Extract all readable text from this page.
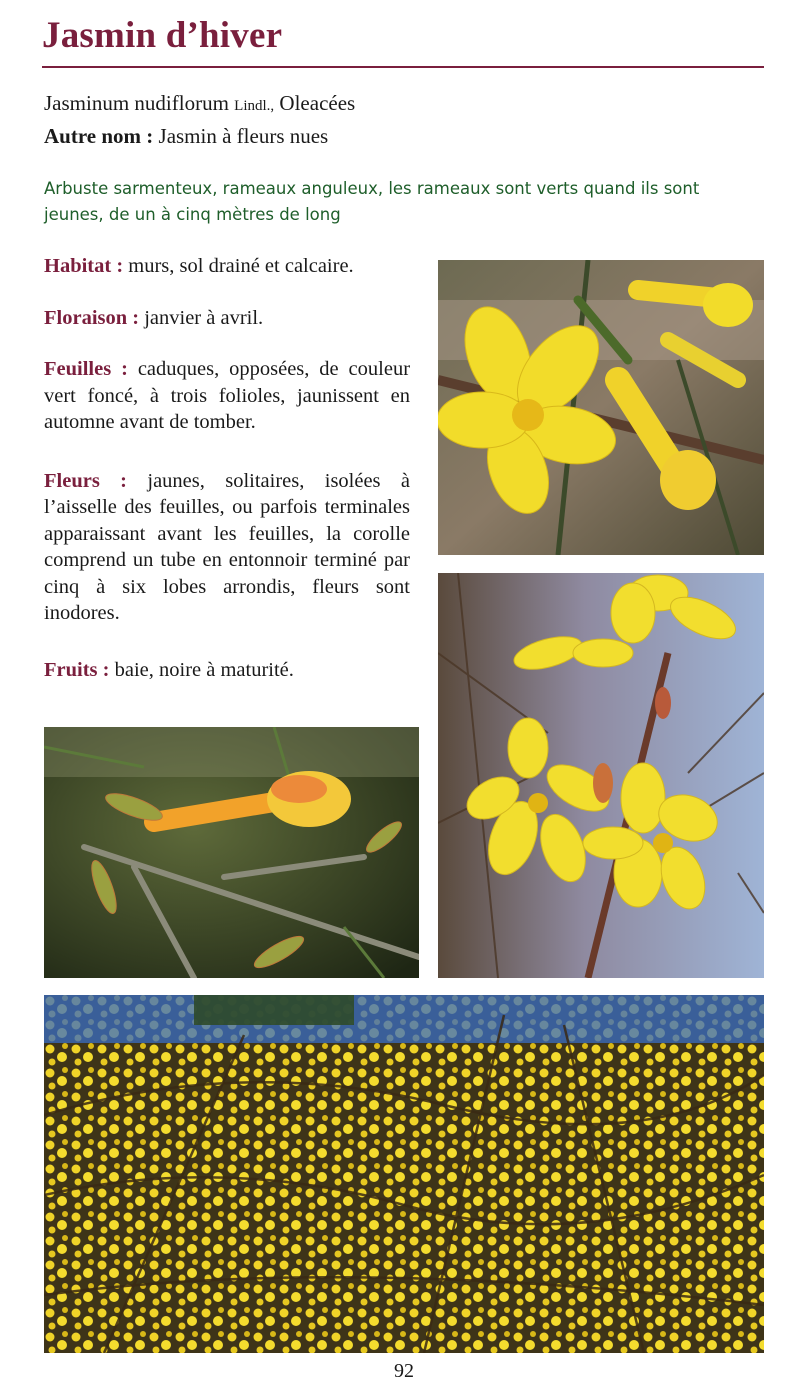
Jasmin d’hiver
Jasminum nudiflorum Lindl., Oleacées
Autre nom : Jasmin à fleurs nues
Arbuste sarmenteux, rameaux anguleux, les rameaux sont verts quand ils sont jeunes, de un à cinq mètres de long

Habitat : murs, sol drainé et calcaire.

Floraison : janvier à avril.

Feuilles : caduques, opposées, de couleur vert foncé, à trois folioles, jaunissent en automne avant de tomber.

Fleurs : jaunes, solitaires, isolées à l’aisselle des feuilles, ou parfois terminales apparaissant avant les feuilles, la corolle comprend un tube en entonnoir terminé par cinq à six lobes arrondis, fleurs sont inodores.

Fruits : baie, noire à maturité.

92
